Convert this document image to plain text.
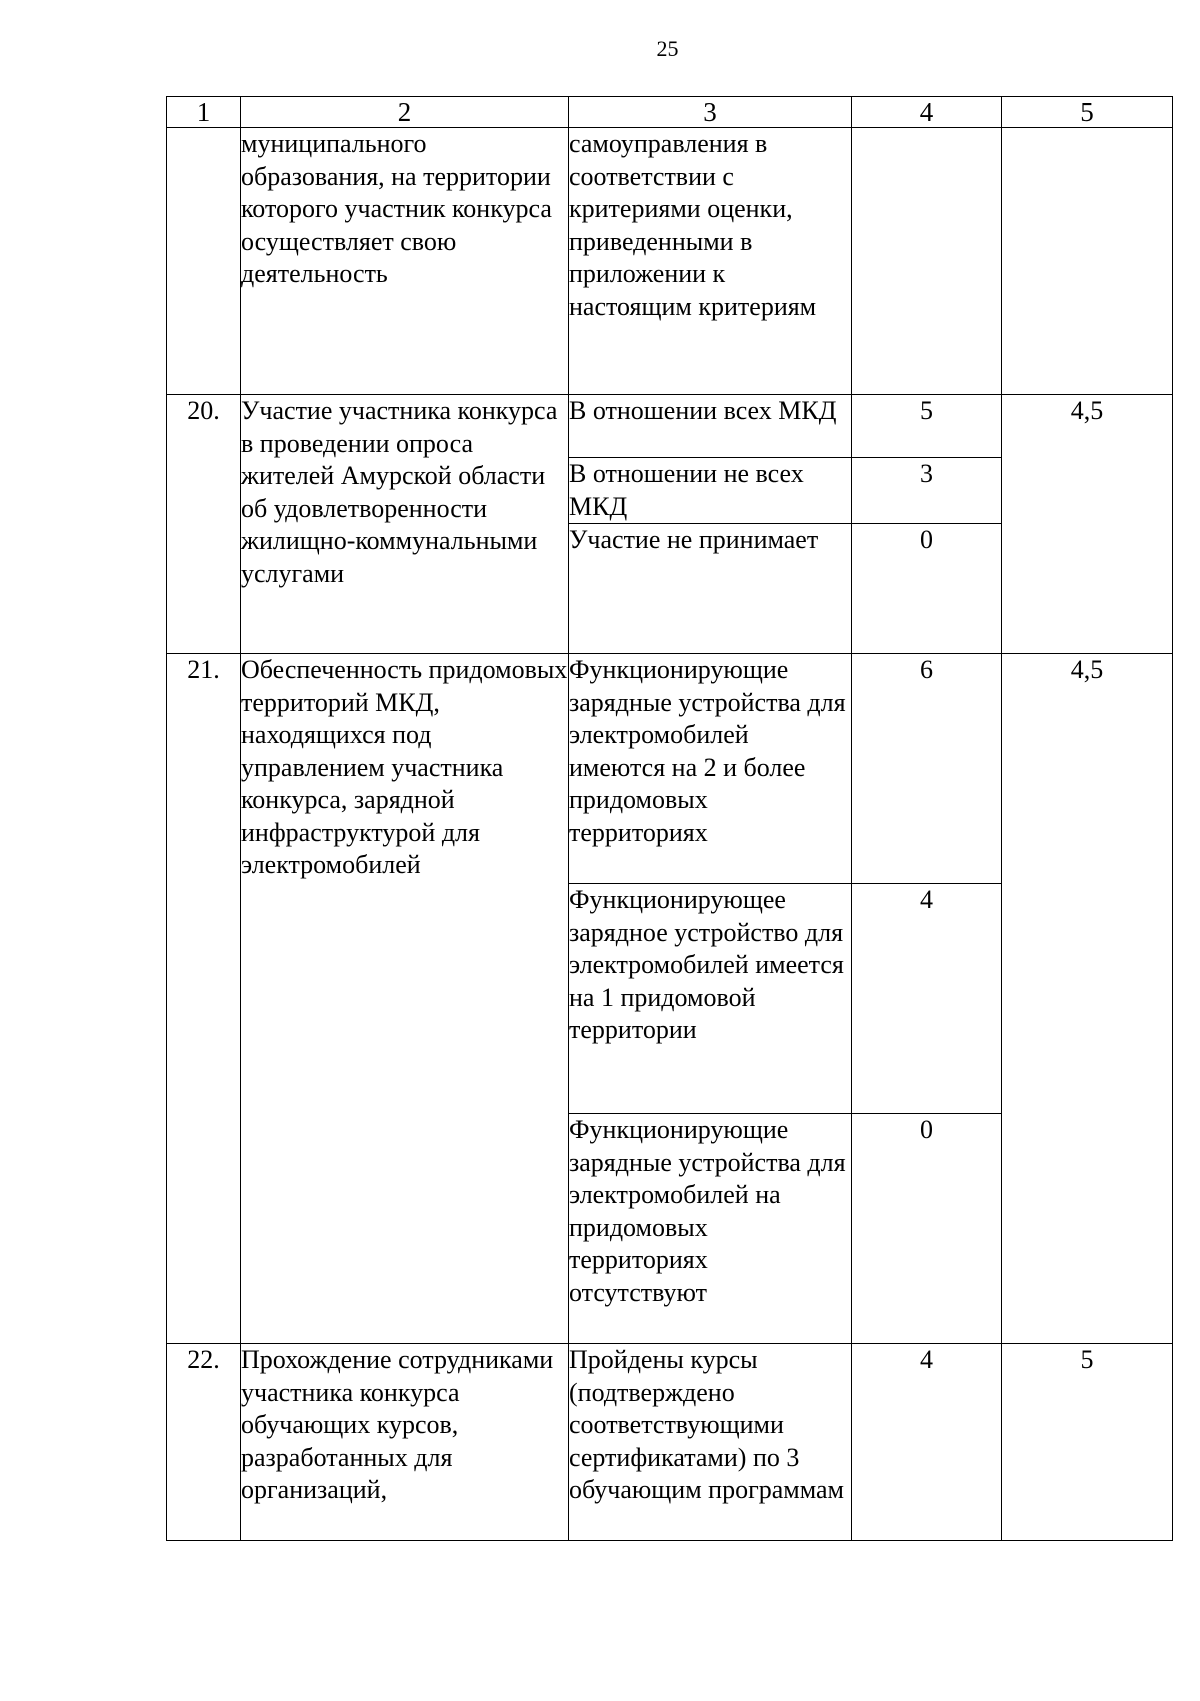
25
1	2	3	4	5
	муниципального образования, на территории которого участник конкурса осуществляет свою деятельность	самоуправления в соответствии с критериями оценки, приведенными в приложении к настоящим критериям		
20.	Участие участника конкурса в проведении опроса жителей Амурской области об удовлетворенности жилищно-коммунальными услугами	В отношении всех МКД	5	4,5
		В отношении не всех МКД	3	
		Участие не принимает	0	
21.	Обеспеченность придомовых территорий МКД, находящихся под управлением участника конкурса, зарядной инфраструктурой для электромобилей	Функционирующие зарядные устройства для электромобилей имеются на 2 и более придомовых территориях	6	4,5
		Функционирующее зарядное устройство для электромобилей имеется на 1 придомовой территории	4	
		Функционирующие зарядные устройства для электромобилей на придомовых территориях отсутствуют	0	
22.	Прохождение сотрудниками участника конкурса обучающих курсов, разработанных для организаций,	Пройдены курсы (подтверждено соответствующими сертификатами) по 3 обучающим программам	4	5
